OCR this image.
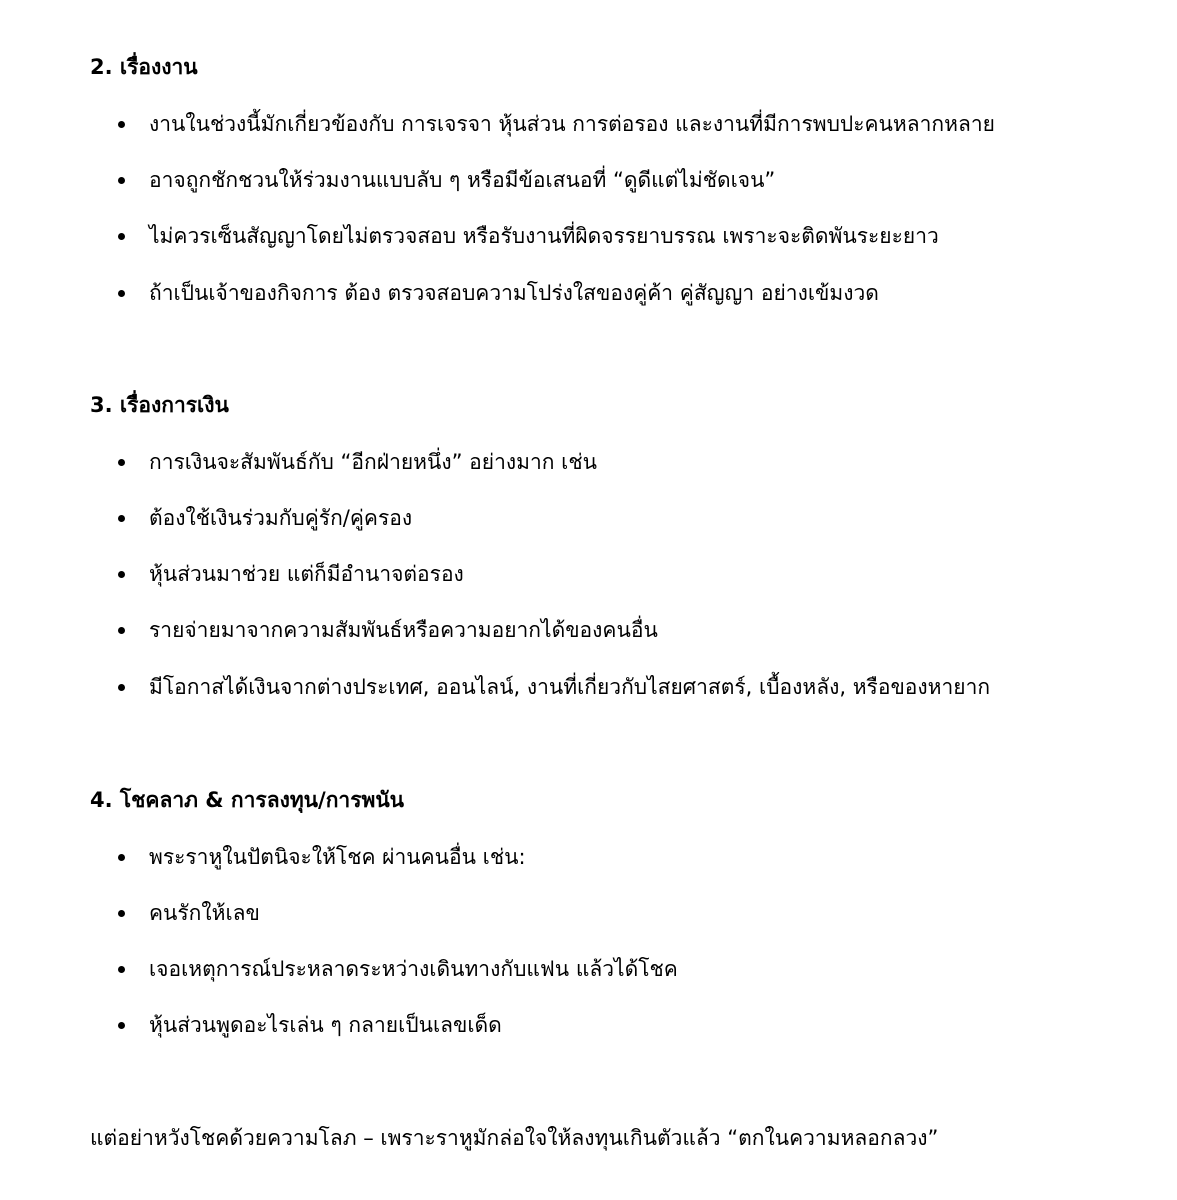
2. เรื่องงาน
งานในช่วงนี้มักเกี่ยวข้องกับ การเจรจา หุ้นส่วน การต่อรอง และงานที่มีการพบปะคนหลากหลาย
อาจถูกชักชวนให้ร่วมงานแบบลับ ๆ หรือมีข้อเสนอที่ “ดูดีแต่ไม่ชัดเจน”
ไม่ควรเซ็นสัญญาโดยไม่ตรวจสอบ หรือรับงานที่ผิดจรรยาบรรณ เพราะจะติดพันระยะยาว
ถ้าเป็นเจ้าของกิจการ ต้อง ตรวจสอบความโปร่งใสของคู่ค้า คู่สัญญา อย่างเข้มงวด
3. เรื่องการเงิน
การเงินจะสัมพันธ์กับ “อีกฝ่ายหนึ่ง” อย่างมาก เช่น
ต้องใช้เงินร่วมกับคู่รัก/คู่ครอง
หุ้นส่วนมาช่วย แต่ก็มีอำนาจต่อรอง
รายจ่ายมาจากความสัมพันธ์หรือความอยากได้ของคนอื่น
มีโอกาสได้เงินจากต่างประเทศ, ออนไลน์, งานที่เกี่ยวกับไสยศาสตร์, เบื้องหลัง, หรือของหายาก
4. โชคลาภ & การลงทุน/การพนัน
พระราหูในปัตนิจะให้โชค ผ่านคนอื่น เช่น:
คนรักให้เลข
เจอเหตุการณ์ประหลาดระหว่างเดินทางกับแฟน แล้วได้โชค
หุ้นส่วนพูดอะไรเล่น ๆ กลายเป็นเลขเด็ด

แต่อย่าหวังโชคด้วยความโลภ – เพราะราหูมักล่อใจให้ลงทุนเกินตัวแล้ว “ตกในความหลอกลวง”
